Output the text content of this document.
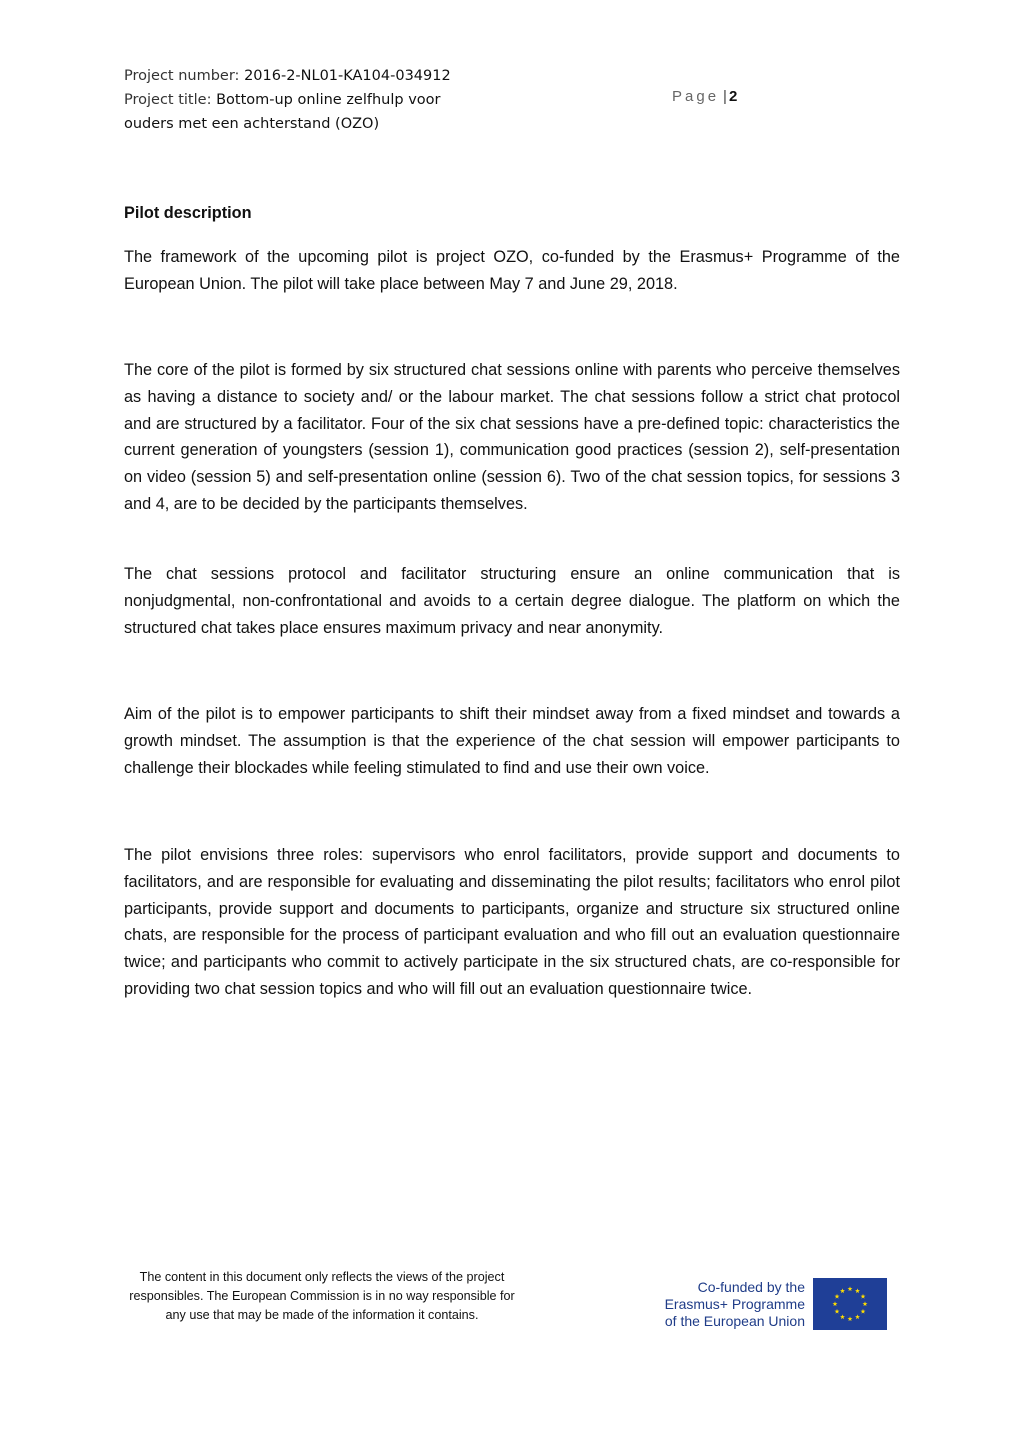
Project number: 2016-2-NL01-KA104-034912
Project title: Bottom-up online zelfhulp voor
ouders met een achterstand (OZO)
Page | 2
Pilot description
The framework of the upcoming pilot is project OZO, co-funded by the Erasmus+ Programme of the European Union. The pilot will take place between May 7 and June 29, 2018.
The core of the pilot is formed by six structured chat sessions online with parents who perceive themselves as having a distance to society and/ or the labour market. The chat sessions follow a strict chat protocol and are structured by a facilitator. Four of the six chat sessions have a pre-defined topic: characteristics the current generation of youngsters (session 1), communication good practices (session 2), self-presentation on video (session 5) and self-presentation online (session 6). Two of the chat session topics, for sessions 3 and 4, are to be decided by the participants themselves.
The chat sessions protocol and facilitator structuring ensure an online communication that is nonjudgmental, non-confrontational and avoids to a certain degree dialogue. The platform on which the structured chat takes place ensures maximum privacy and near anonymity.
Aim of the pilot is to empower participants to shift their mindset away from a fixed mindset and towards a growth mindset. The assumption is that the experience of the chat session will empower participants to challenge their blockades while feeling stimulated to find and use their own voice.
The pilot envisions three roles: supervisors who enrol facilitators, provide support and documents to facilitators, and are responsible for evaluating and disseminating the pilot results; facilitators who enrol pilot participants, provide support and documents to participants, organize and structure six structured online chats, are responsible for the process of participant evaluation and who fill out an evaluation questionnaire twice; and participants who commit to actively participate in the six structured chats, are co-responsible for providing two chat session topics and who will fill out an evaluation questionnaire twice.
The content in this document only reflects the views of the project responsibles. The European Commission is in no way responsible for any use that may be made of the information it contains.
Co-funded by the
Erasmus+ Programme
of the European Union
